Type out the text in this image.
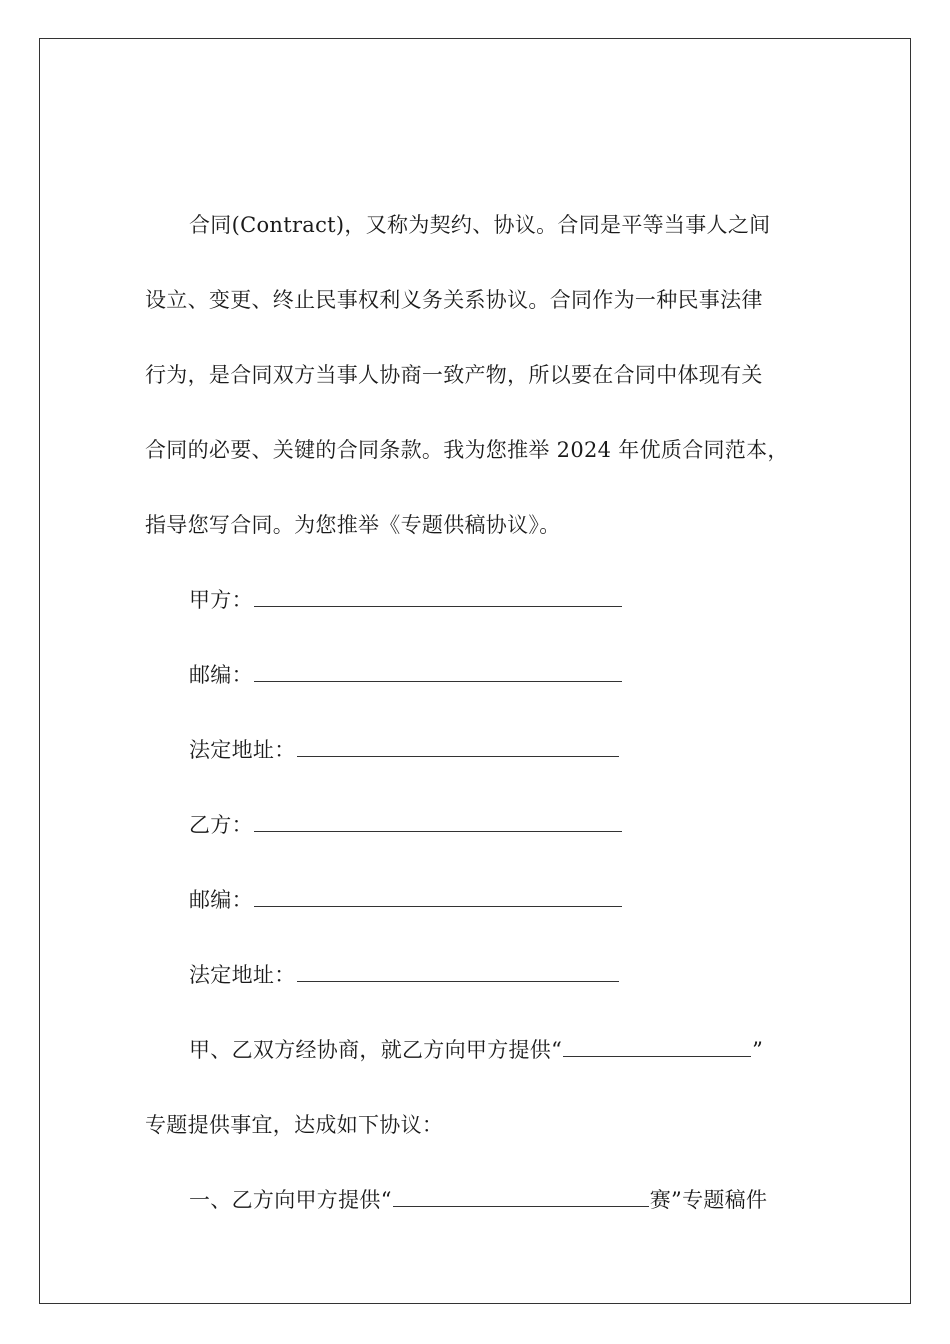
合同(Contract)，又称为契约、协议。合同是平等当事人之间
设立、变更、终止民事权利义务关系协议。合同作为一种民事法律
行为，是合同双方当事人协商一致产物，所以要在合同中体现有关
合同的必要、关键的合同条款。我为您推举 2024 年优质合同范本，
指导您写合同。为您推举《专题供稿协议》。
甲方：
邮编：
法定地址：
乙方：
邮编：
法定地址：
甲、乙双方经协商，就乙方向甲方提供“	”
专题提供事宜，达成如下协议：
一、乙方向甲方提供“	赛”专题稿件
